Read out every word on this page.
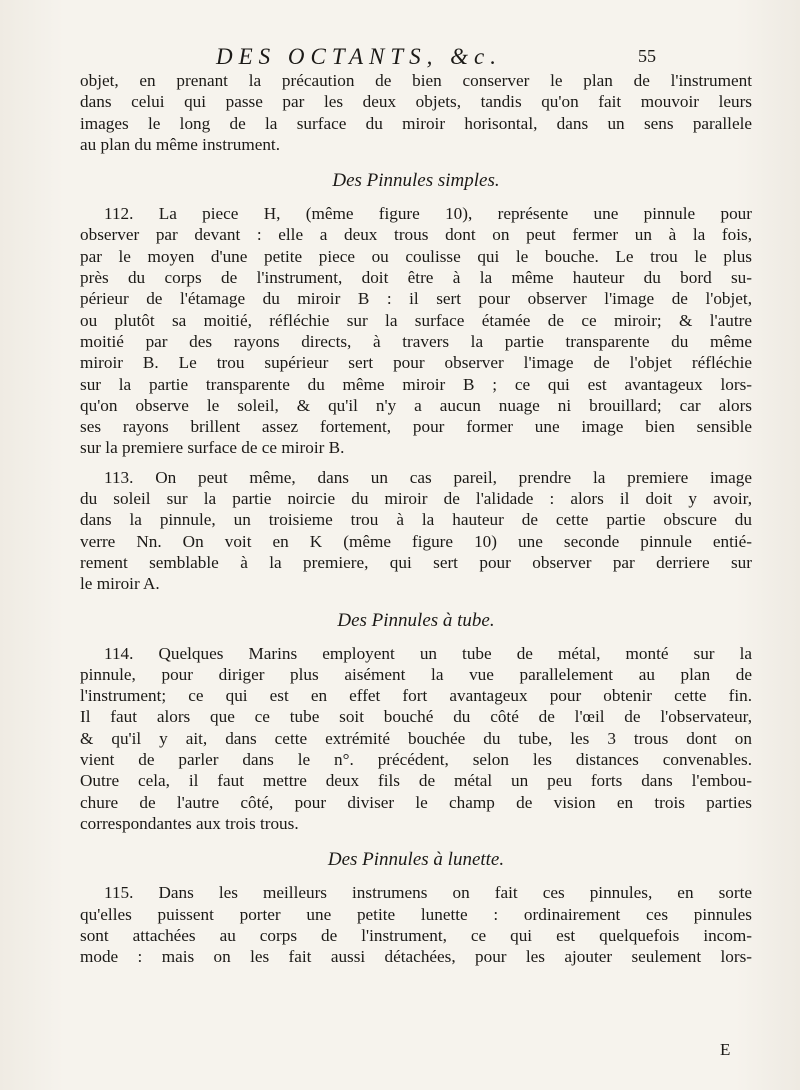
DES OCTANTS, &c.	55
objet, en prenant la précaution de bien conserver le plan de l'instrument
dans celui qui passe par les deux objets, tandis qu'on fait mouvoir leurs
images le long de la surface du miroir horisontal, dans un sens parallele
au plan du même instrument.
Des Pinnules simples.
112. La piece H, (même figure 10), représente une pinnule pour
observer par devant : elle a deux trous dont on peut fermer un à la fois,
par le moyen d'une petite piece ou coulisse qui le bouche. Le trou le plus
près du corps de l'instrument, doit être à la même hauteur du bord su-
périeur de l'étamage du miroir B : il sert pour observer l'image de l'objet,
ou plutôt sa moitié, réfléchie sur la surface étamée de ce miroir; & l'autre
moitié par des rayons directs, à travers la partie transparente du même
miroir B. Le trou supérieur sert pour observer l'image de l'objet réfléchie
sur la partie transparente du même miroir B ; ce qui est avantageux lors-
qu'on observe le soleil, & qu'il n'y a aucun nuage ni brouillard; car alors
ses rayons brillent assez fortement, pour former une image bien sensible
sur la premiere surface de ce miroir B.
113. On peut même, dans un cas pareil, prendre la premiere image
du soleil sur la partie noircie du miroir de l'alidade : alors il doit y avoir,
dans la pinnule, un troisieme trou à la hauteur de cette partie obscure du
verre Nn. On voit en K (même figure 10) une seconde pinnule entié-
rement semblable à la premiere, qui sert pour observer par derriere sur
le miroir A.
Des Pinnules à tube.
114. Quelques Marins employent un tube de métal, monté sur la
pinnule, pour diriger plus aisément la vue parallelement au plan de
l'instrument; ce qui est en effet fort avantageux pour obtenir cette fin.
Il faut alors que ce tube soit bouché du côté de l'œil de l'observateur,
& qu'il y ait, dans cette extrémité bouchée du tube, les 3 trous dont on
vient de parler dans le n°. précédent, selon les distances convenables.
Outre cela, il faut mettre deux fils de métal un peu forts dans l'embou-
chure de l'autre côté, pour diviser le champ de vision en trois parties
correspondantes aux trois trous.
Des Pinnules à lunette.
115. Dans les meilleurs instrumens on fait ces pinnules, en sorte
qu'elles puissent porter une petite lunette : ordinairement ces pinnules
sont attachées au corps de l'instrument, ce qui est quelquefois incom-
mode : mais on les fait aussi détachées, pour les ajouter seulement lors-
E
